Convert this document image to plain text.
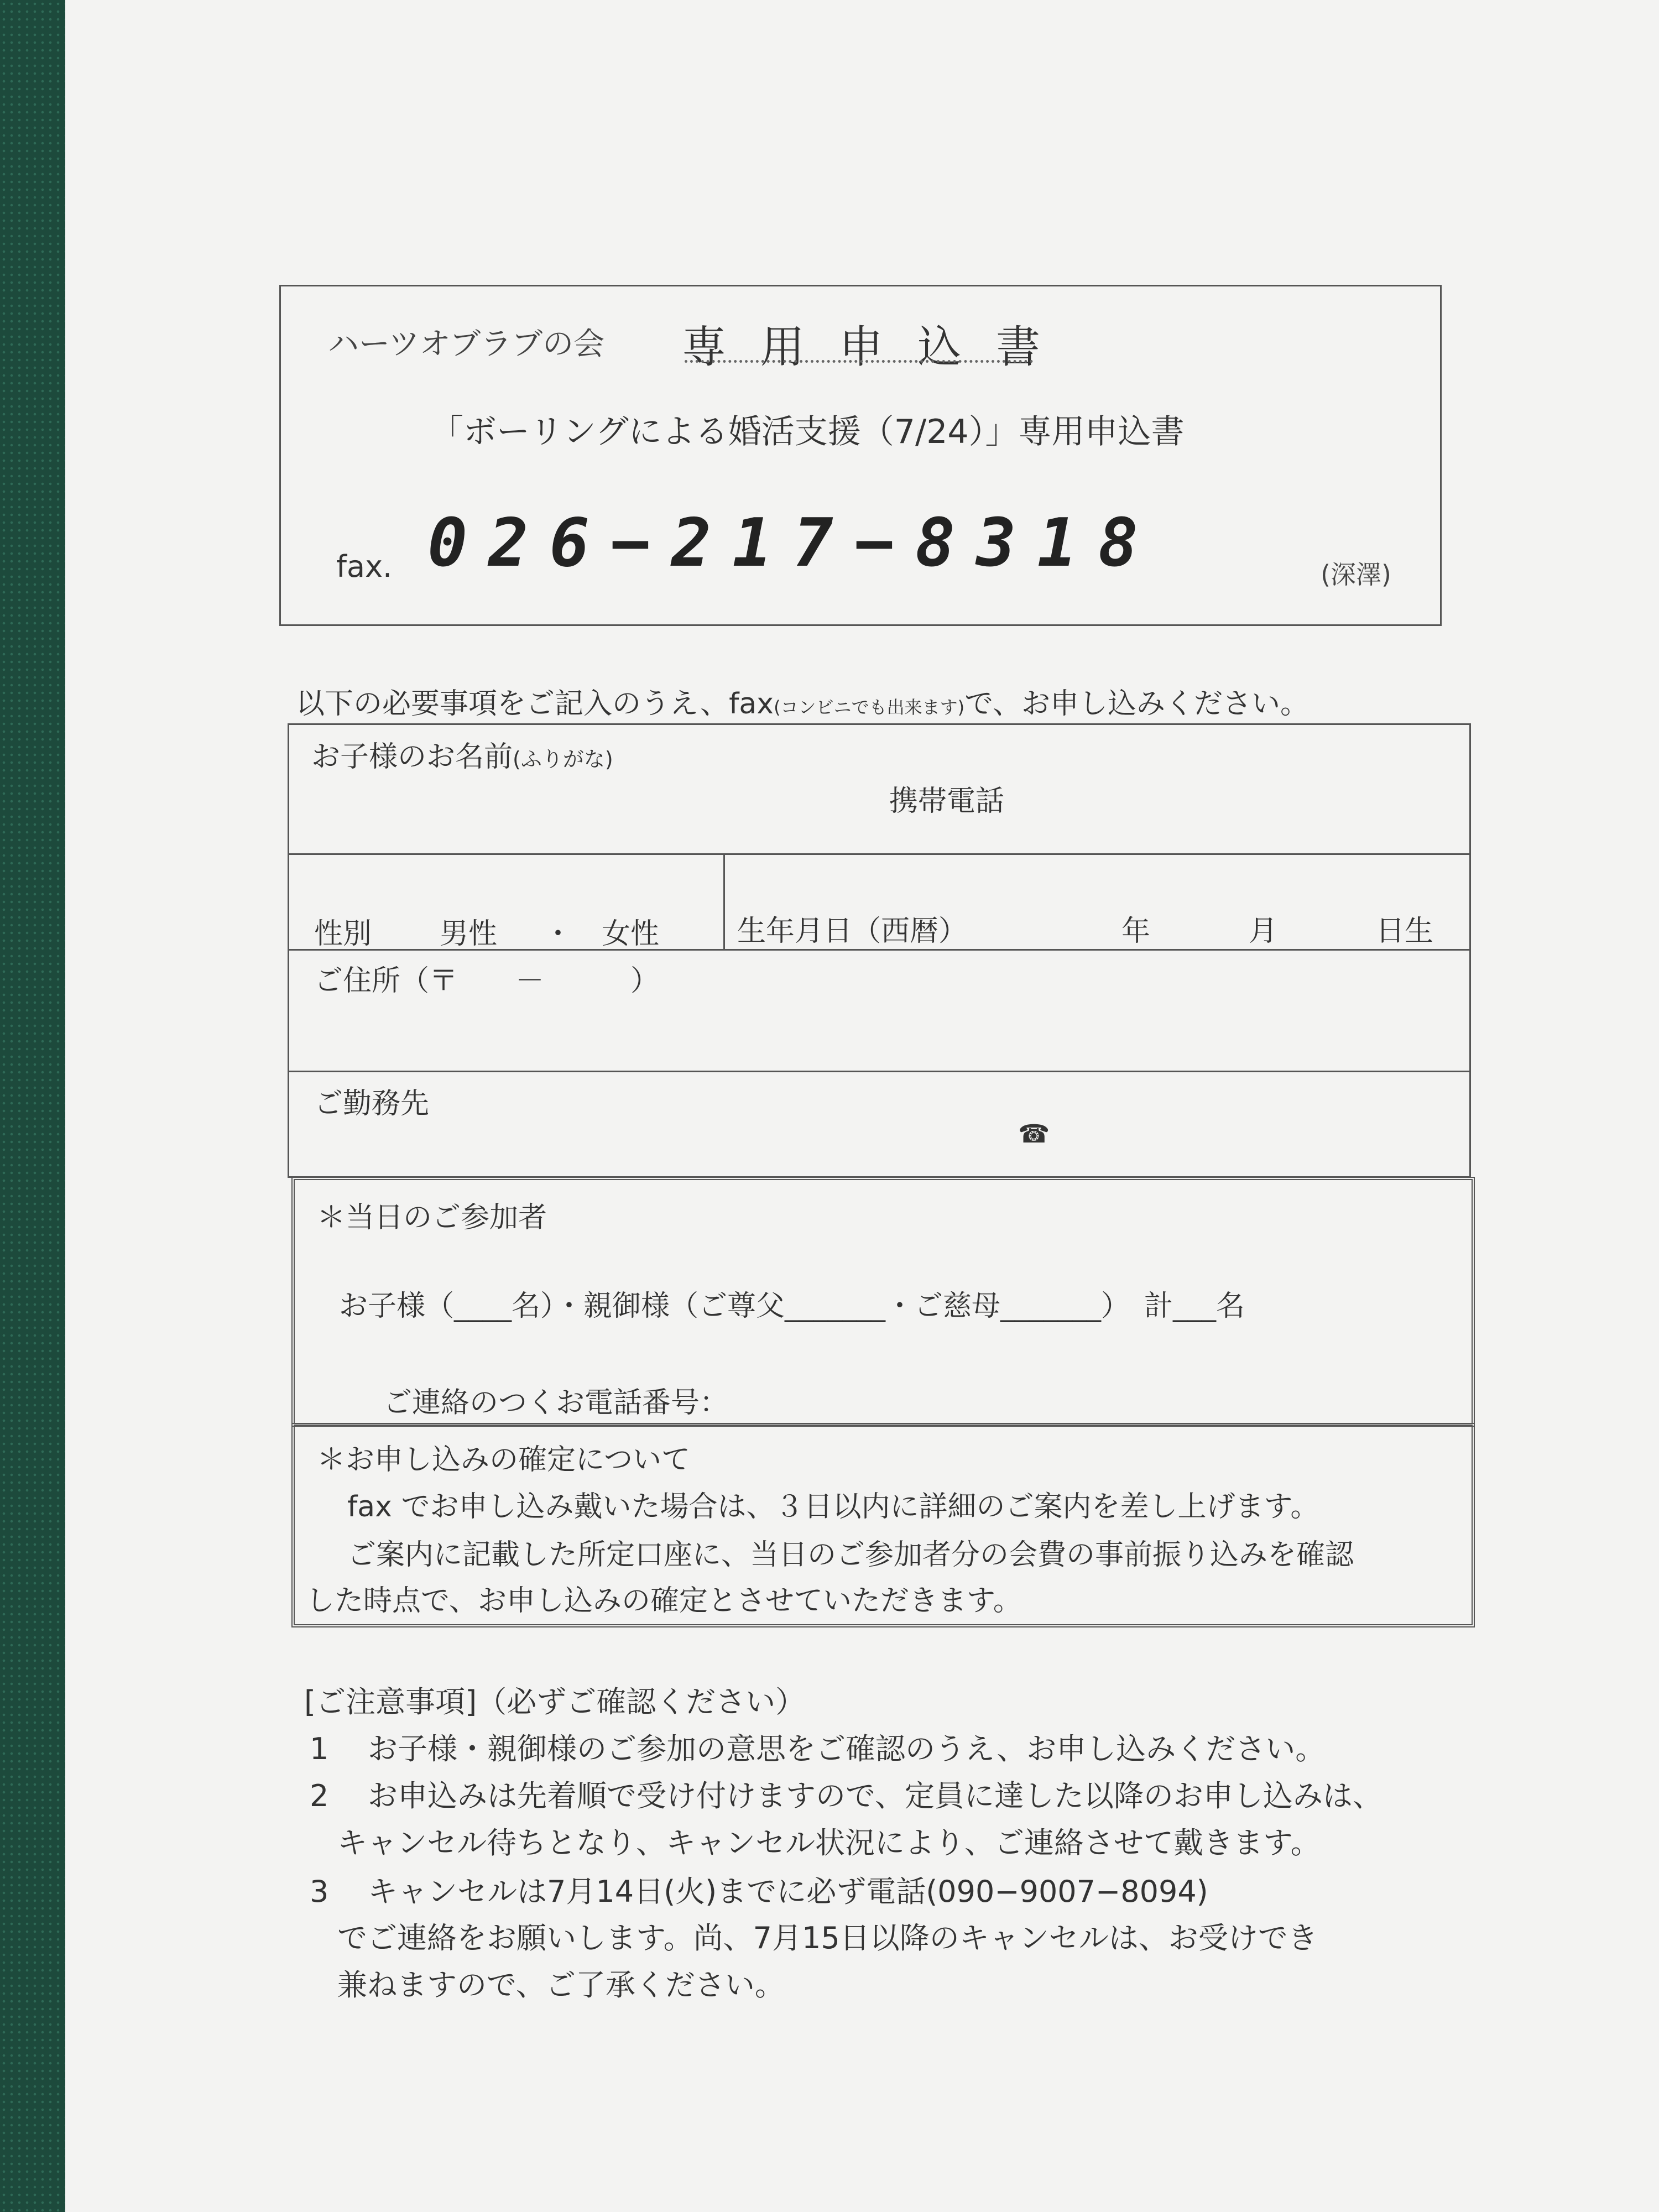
ハーツオブラブの会 専用申込書
「ボーリングによる婚活支援（7/24）」専用申込書
fax. 026−217−8318	(深澤)
以下の必要事項をご記入のうえ、fax(コンビニでも出来ます)で、お申し込みください。
お子様のお名前(ふりがな)
携帯電話
性別 男性 ・ 女性	生年月日（西暦）	年	月	日生
ご住所（〒　　－　　　）
ご勤務先
☎
＊当日のご参加者
お子様（____名）・親御様（ご尊父_______・ご慈母_______）　計___名
ご連絡のつくお電話番号：
＊お申し込みの確定について
fax でお申し込み戴いた場合は、３日以内に詳細のご案内を差し上げます。
ご案内に記載した所定口座に、当日のご参加者分の会費の事前振り込みを確認
した時点で、お申し込みの確定とさせていただきます。
[ご注意事項]（必ずご確認ください）
1 お子様・親御様のご参加の意思をご確認のうえ、お申し込みください。
2 お申込みは先着順で受け付けますので、定員に達した以降のお申し込みは、
キャンセル待ちとなり、キャンセル状況により、ご連絡させて戴きます。
3 キャンセルは7月14日(火)までに必ず電話(090−9007−8094)
でご連絡をお願いします。尚、7月15日以降のキャンセルは、お受けでき
兼ねますので、ご了承ください。
